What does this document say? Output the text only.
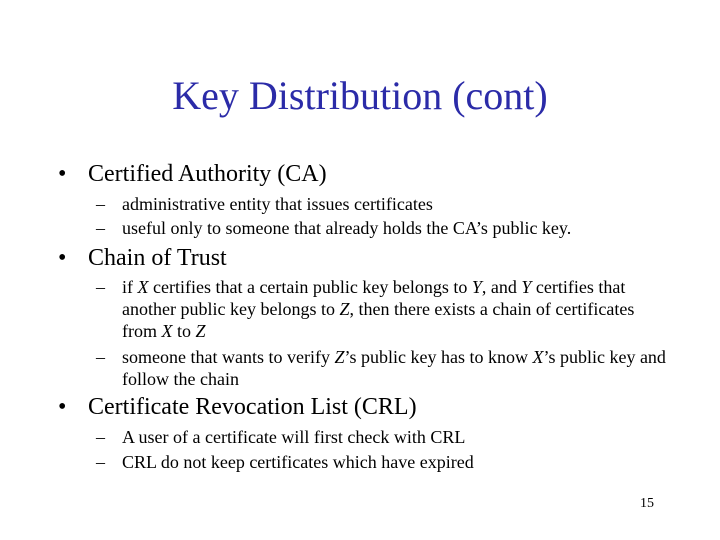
Key Distribution (cont)
• Certified Authority (CA)
– administrative entity that issues certificates
– useful only to someone that already holds the CA’s public key.
• Chain of Trust
– if X certifies that a certain public key belongs to Y, and Y certifies that another public key belongs to Z, then there exists a chain of certificates from X to Z
– someone that wants to verify Z’s public key has to know X’s public key and follow the chain
• Certificate Revocation List (CRL)
– A user of a certificate will first check with CRL
– CRL do not keep certificates which have expired
15
